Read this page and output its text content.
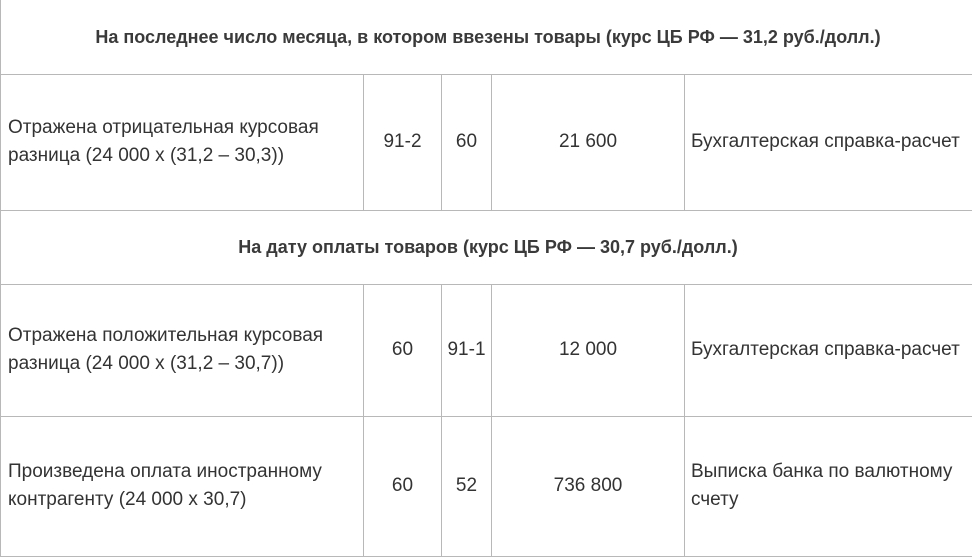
На последнее число месяца, в котором ввезены товары (курс ЦБ РФ — 31,2 руб./долл.)				
Отражена отрицательная курсовая разница (24 000 х (31,2 – 30,3))	91-2	60	21 600	Бухгалтерская справка-расчет
На дату оплаты товаров (курс ЦБ РФ — 30,7 руб./долл.)				
Отражена положительная курсовая разница (24 000 х (31,2 – 30,7))	60	91-1	12 000	Бухгалтерская справка-расчет
Произведена оплата иностранному контрагенту (24 000 х 30,7)	60	52	736 800	Выписка банка по валютному счету
